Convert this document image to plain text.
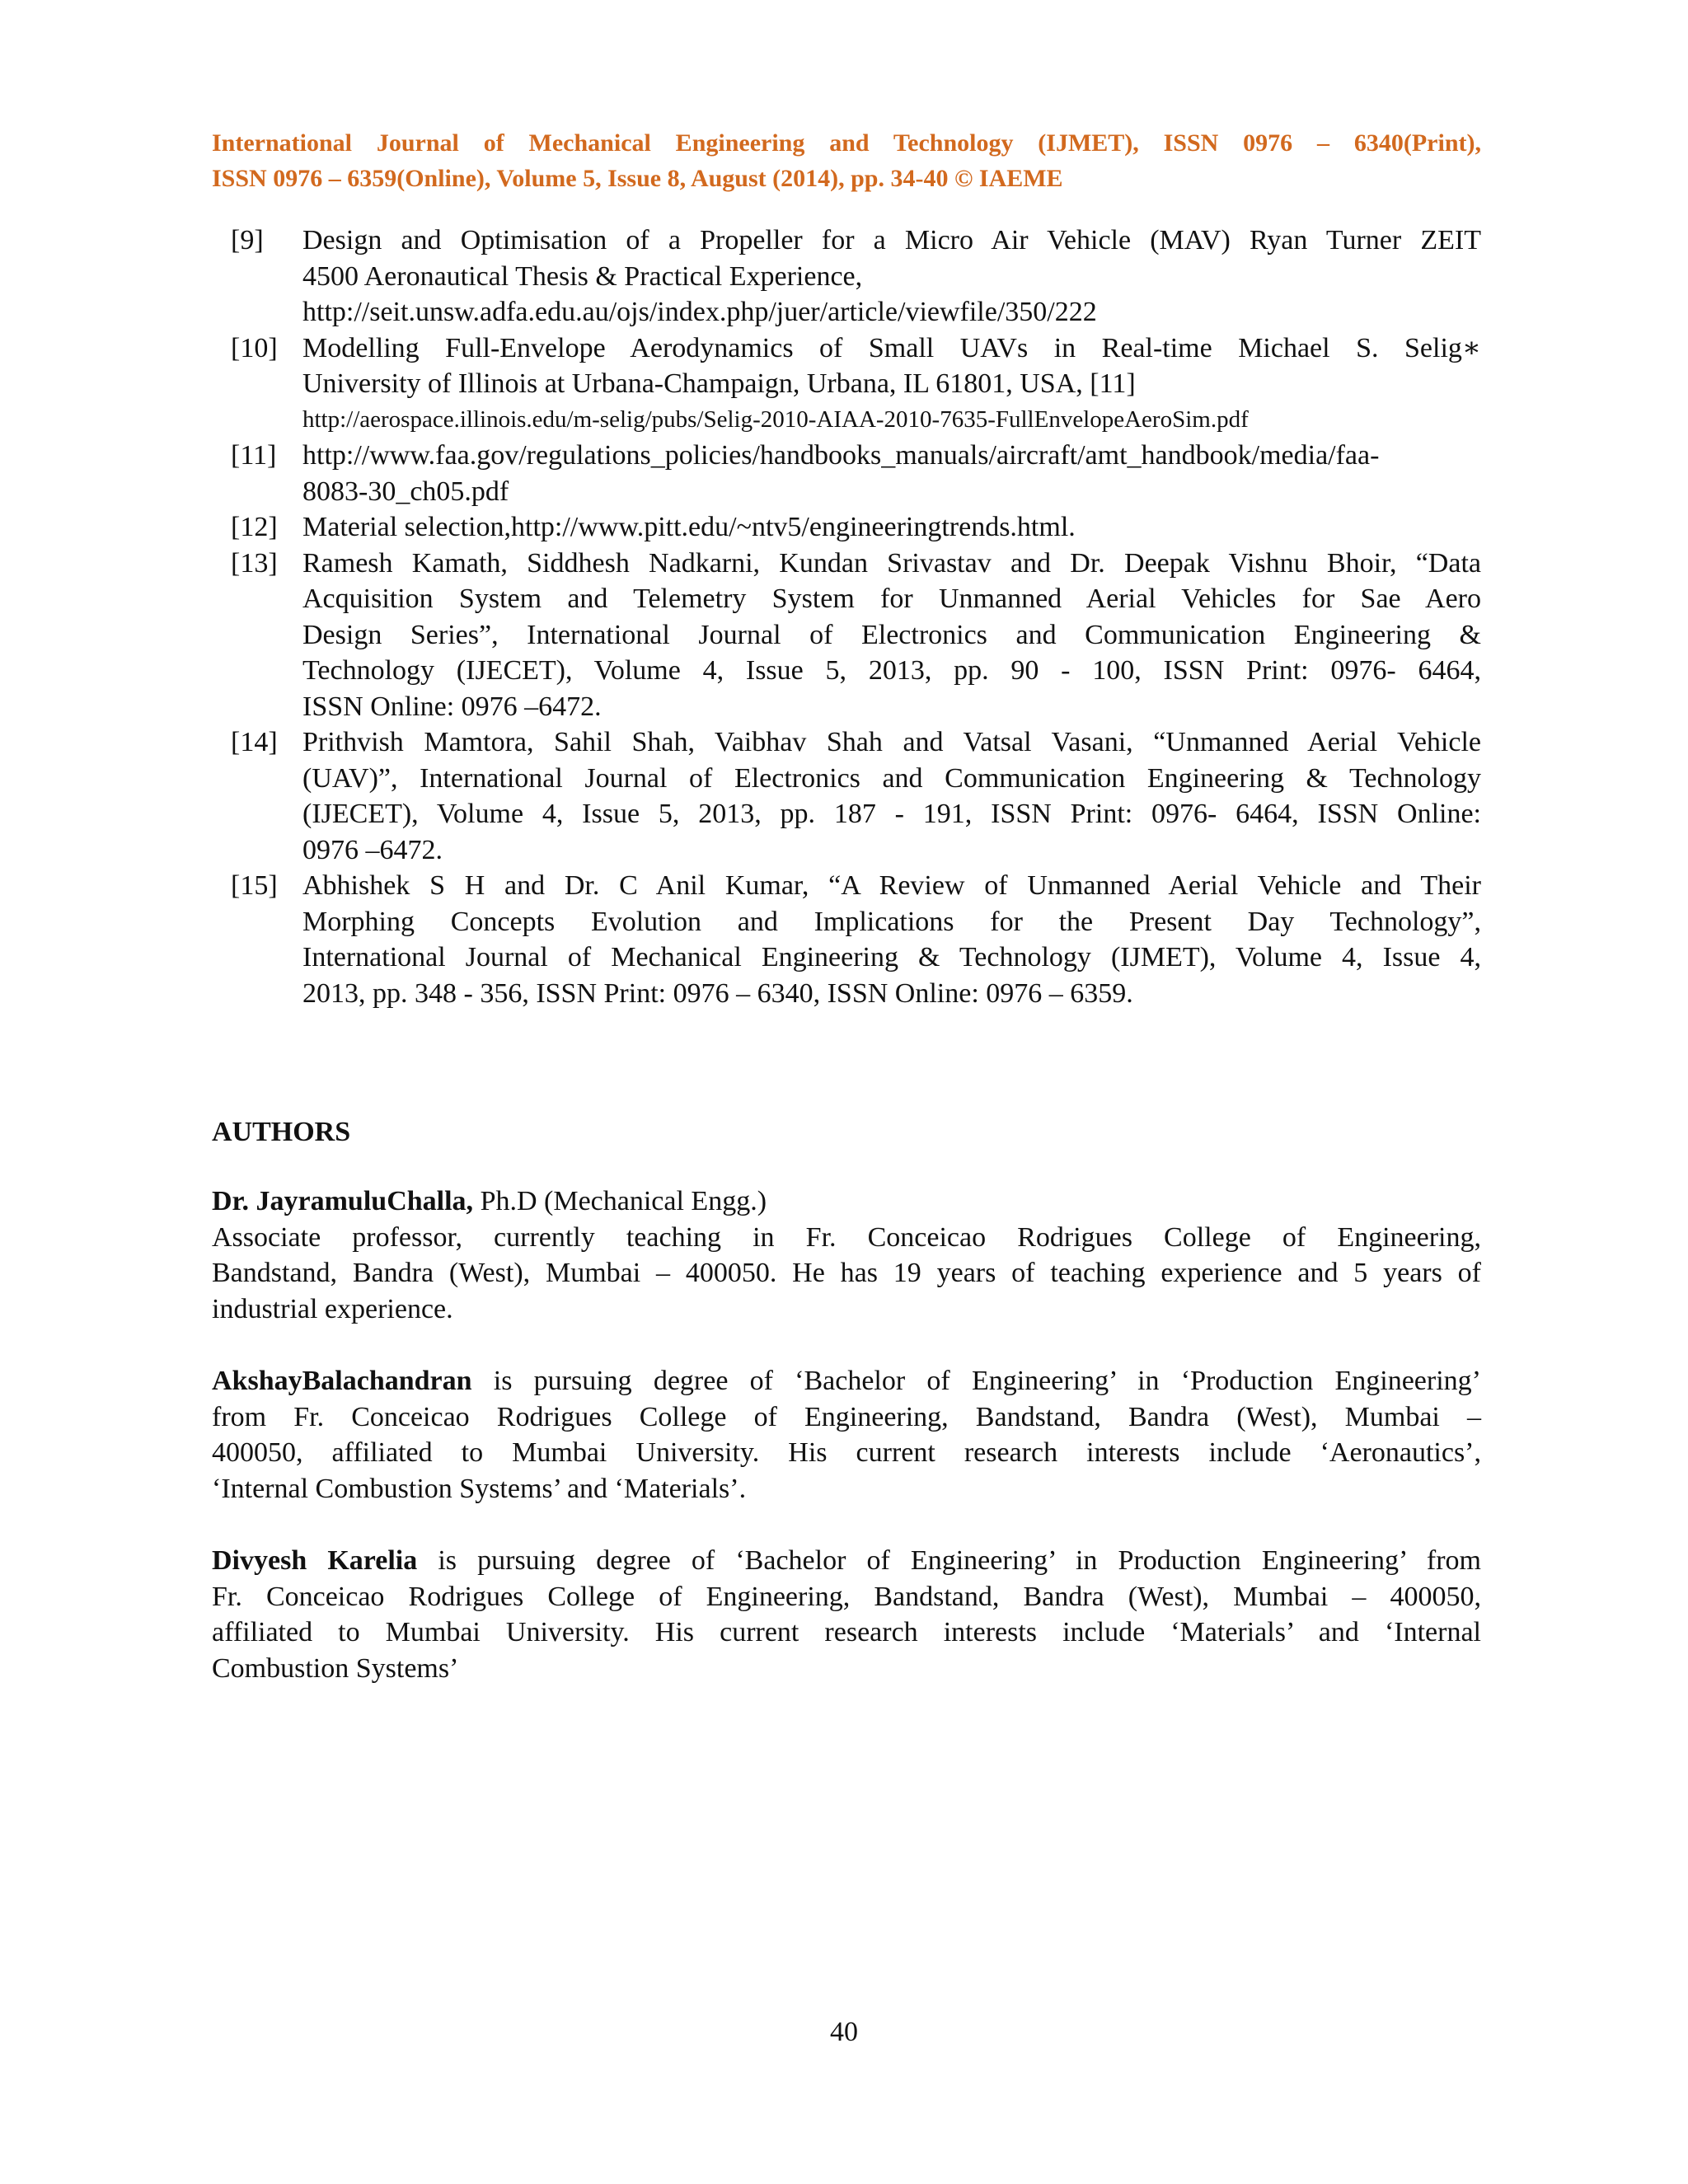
International Journal of Mechanical Engineering and Technology (IJMET), ISSN 0976 – 6340(Print),
ISSN 0976 – 6359(Online), Volume 5, Issue 8, August (2014), pp. 34-40 © IAEME
[9]	Design and Optimisation of a Propeller for a Micro Air Vehicle (MAV) Ryan Turner ZEIT
4500 Aeronautical Thesis & Practical Experience,
http://seit.unsw.adfa.edu.au/ojs/index.php/juer/article/viewfile/350/222
[10] Modelling Full-Envelope Aerodynamics of Small UAVs in Real-time Michael S. Selig∗
University of Illinois at Urbana-Champaign, Urbana, IL 61801, USA, [11]
http://aerospace.illinois.edu/m-selig/pubs/Selig-2010-AIAA-2010-7635-FullEnvelopeAeroSim.pdf
[11] http://www.faa.gov/regulations_policies/handbooks_manuals/aircraft/amt_handbook/media/faa-
8083-30_ch05.pdf
[12] Material selection,http://www.pitt.edu/~ntv5/engineeringtrends.html.
[13] Ramesh Kamath, Siddhesh Nadkarni, Kundan Srivastav and Dr. Deepak Vishnu Bhoir, “Data
Acquisition System and Telemetry System for Unmanned Aerial Vehicles for Sae Aero
Design Series”, International Journal of Electronics and Communication Engineering &
Technology (IJECET), Volume 4, Issue 5, 2013, pp. 90 - 100, ISSN Print: 0976- 6464,
ISSN Online: 0976 –6472.
[14] Prithvish Mamtora, Sahil Shah, Vaibhav Shah and Vatsal Vasani, “Unmanned Aerial Vehicle
(UAV)”, International Journal of Electronics and Communication Engineering & Technology
(IJECET), Volume 4, Issue 5, 2013, pp. 187 - 191, ISSN Print: 0976- 6464, ISSN Online:
0976 –6472.
[15] Abhishek S H and Dr. C Anil Kumar, “A Review of Unmanned Aerial Vehicle and Their
Morphing Concepts Evolution and Implications for the Present Day Technology”,
International Journal of Mechanical Engineering & Technology (IJMET), Volume 4, Issue 4,
2013, pp. 348 - 356, ISSN Print: 0976 – 6340, ISSN Online: 0976 – 6359.
AUTHORS
Dr. JayramuluChalla, Ph.D (Mechanical Engg.)
Associate professor, currently teaching in Fr. Conceicao Rodrigues College of Engineering,
Bandstand, Bandra (West), Mumbai – 400050. He has 19 years of teaching experience and 5 years of
industrial experience.
AkshayBalachandran is pursuing degree of ‘Bachelor of Engineering’ in ‘Production Engineering’
from Fr. Conceicao Rodrigues College of Engineering, Bandstand, Bandra (West), Mumbai –
400050, affiliated to Mumbai University. His current research interests include ‘Aeronautics’,
‘Internal Combustion Systems’ and ‘Materials’.
Divyesh Karelia is pursuing degree of ‘Bachelor of Engineering’ in Production Engineering’ from
Fr. Conceicao Rodrigues College of Engineering, Bandstand, Bandra (West), Mumbai – 400050,
affiliated to Mumbai University. His current research interests include ‘Materials’ and ‘Internal
Combustion Systems’
40
